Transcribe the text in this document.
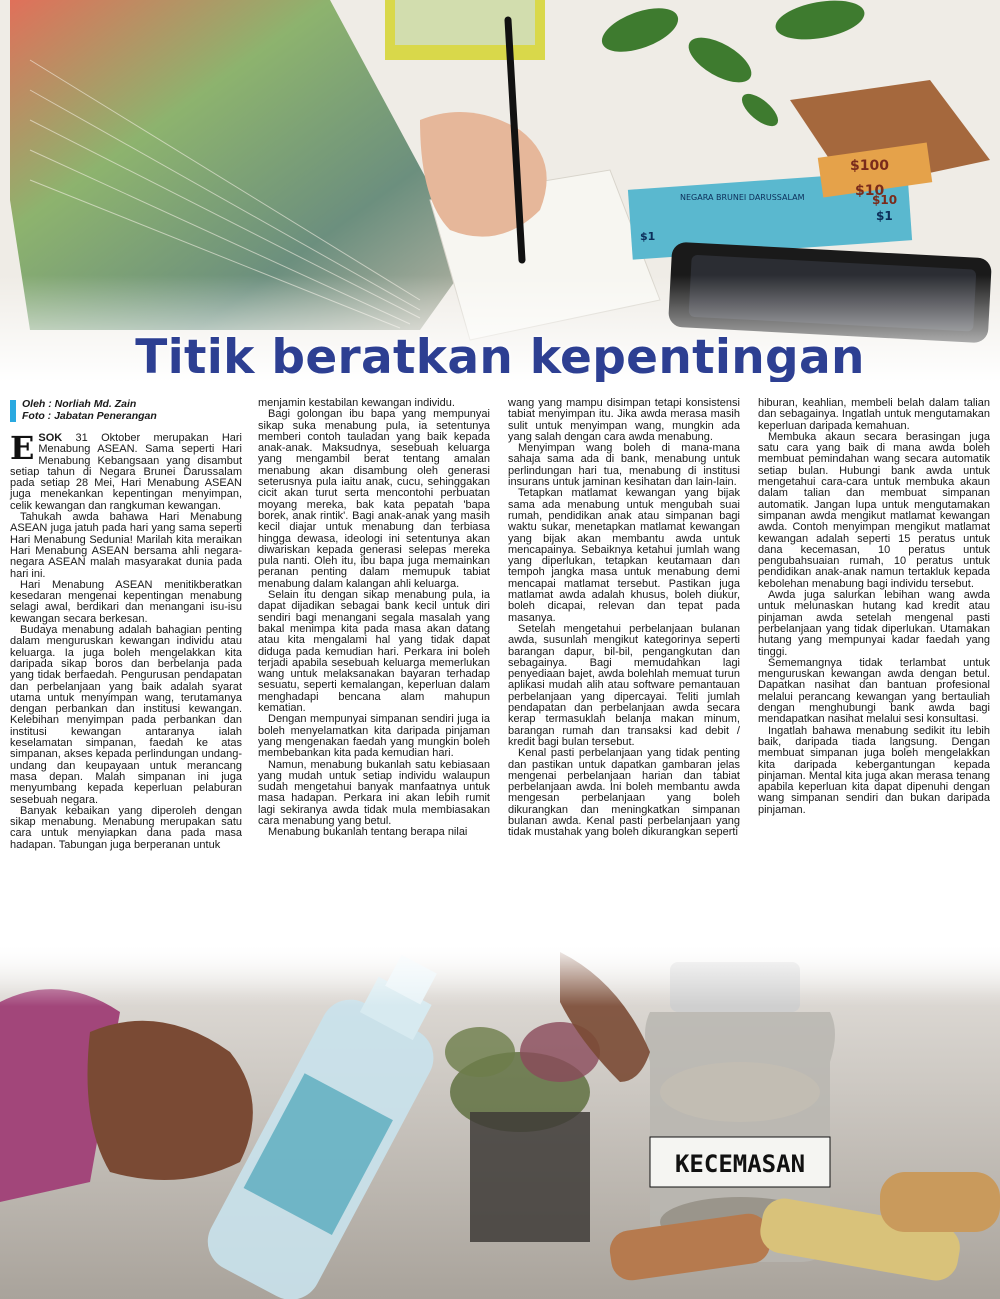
Titik beratkan kepentingan

Oleh : Norliah Md. Zain

Foto : Jabatan Penerangan

ESOK 31 Oktober merupakan Hari Menabung ASEAN. Sama seperti Hari Menabung Kebangsaan yang disambut setiap tahun di Negara Brunei Darussalam pada setiap 28 Mei, Hari Menabung ASEAN juga menekankan kepentingan menyimpan, celik kewangan dan rangkuman kewangan.

Tahukah awda bahawa Hari Menabung ASEAN juga jatuh pada hari yang sama seperti Hari Menabung Sedunia! Marilah kita meraikan Hari Menabung ASEAN bersama ahli negara-negara ASEAN malah masyarakat dunia pada hari ini.

Hari Menabung ASEAN menitikberatkan kesedaran mengenai kepentingan menabung selagi awal, berdikari dan menangani isu-isu kewangan secara berkesan.

Budaya menabung adalah bahagian penting dalam menguruskan kewangan individu atau keluarga. Ia juga boleh mengelakkan kita daripada sikap boros dan berbelanja pada yang tidak berfaedah. Pengurusan pendapatan dan perbelanjaan yang baik adalah syarat utama untuk menyimpan wang, terutamanya dengan perbankan dan institusi kewangan. Kelebihan menyimpan pada perbankan dan institusi kewangan antaranya ialah keselamatan simpanan, faedah ke atas simpanan, akses kepada perlindungan undang-undang dan keupayaan untuk merancang masa depan. Malah simpanan ini juga menyumbang kepada keperluan pelaburan sesebuah negara.

Banyak kebaikan yang diperoleh dengan sikap menabung. Menabung merupakan satu cara untuk menyiapkan dana pada masa hadapan. Tabungan juga berperanan untuk

menjamin kestabilan kewangan individu.

Bagi golongan ibu bapa yang mempunyai sikap suka menabung pula, ia setentunya memberi contoh tauladan yang baik kepada anak-anak. Maksudnya, sesebuah keluarga yang mengambil berat tentang amalan menabung akan disambung oleh generasi seterusnya pula iaitu anak, cucu, sehinggakan cicit akan turut serta mencontohi perbuatan moyang mereka, bak kata pepatah 'bapa borek, anak rintik'. Bagi anak-anak yang masih kecil diajar untuk menabung dan terbiasa hingga dewasa, ideologi ini setentunya akan diwariskan kepada generasi selepas mereka pula nanti. Oleh itu, ibu bapa juga memainkan peranan penting dalam memupuk tabiat menabung dalam kalangan ahli keluarga.

Selain itu dengan sikap menabung pula, ia dapat dijadikan sebagai bank kecil untuk diri sendiri bagi menangani segala masalah yang bakal menimpa kita pada masa akan datang atau kita mengalami hal yang tidak dapat diduga pada kemudian hari. Perkara ini boleh terjadi apabila sesebuah keluarga memerlukan wang untuk melaksanakan bayaran terhadap sesuatu, seperti kemalangan, keperluan dalam menghadapi bencana alam mahupun kematian.

Dengan mempunyai simpanan sendiri juga ia boleh menyelamatkan kita daripada pinjaman yang mengenakan faedah yang mungkin boleh membebankan kita pada kemudian hari.

Namun, menabung bukanlah satu kebiasaan yang mudah untuk setiap individu walaupun sudah mengetahui banyak manfaatnya untuk masa hadapan. Perkara ini akan lebih rumit lagi sekiranya awda tidak mula membiasakan cara menabung yang betul.

Menabung bukanlah tentang berapa nilai

wang yang mampu disimpan tetapi konsistensi tabiat menyimpan itu. Jika awda merasa masih sulit untuk menyimpan wang, mungkin ada yang salah dengan cara awda menabung.

Menyimpan wang boleh di mana-mana sahaja sama ada di bank, menabung untuk perlindungan hari tua, menabung di institusi insurans untuk jaminan kesihatan dan lain-lain.

Tetapkan matlamat kewangan yang bijak sama ada menabung untuk mengubah suai rumah, pendidikan anak atau simpanan bagi waktu sukar, menetapkan matlamat kewangan yang bijak akan membantu awda untuk mencapainya. Sebaiknya ketahui jumlah wang yang diperlukan, tetapkan keutamaan dan tempoh jangka masa untuk menabung demi mencapai matlamat tersebut. Pastikan juga matlamat awda adalah khusus, boleh diukur, boleh dicapai, relevan dan tepat pada masanya.

Setelah mengetahui perbelanjaan bulanan awda, susunlah mengikut kategorinya seperti barangan dapur, bil-bil, pengangkutan dan sebagainya. Bagi memudahkan lagi penyediaan bajet, awda bolehlah memuat turun aplikasi mudah alih atau software pemantauan perbelanjaan yang dipercayai. Teliti jumlah pendapatan dan perbelanjaan awda secara kerap termasuklah belanja makan minum, barangan rumah dan transaksi kad debit / kredit bagi bulan tersebut.

Kenal pasti perbelanjaan yang tidak penting dan pastikan untuk dapatkan gambaran jelas mengenai perbelanjaan harian dan tabiat perbelanjaan awda. Ini boleh membantu awda mengesan perbelanjaan yang boleh dikurangkan dan meningkatkan simpanan bulanan awda. Kenal pasti perbelanjaan yang tidak mustahak yang boleh dikurangkan seperti

hiburan, keahlian, membeli belah dalam talian dan sebagainya. Ingatlah untuk mengutamakan keperluan daripada kemahuan.

Membuka akaun secara berasingan juga satu cara yang baik di mana awda boleh membuat pemindahan wang secara automatik setiap bulan. Hubungi bank awda untuk mengetahui cara-cara untuk membuka akaun dalam talian dan membuat simpanan automatik. Jangan lupa untuk mengutamakan simpanan awda mengikut matlamat kewangan awda. Contoh menyimpan mengikut matlamat kewangan adalah seperti 15 peratus untuk dana kecemasan, 10 peratus untuk pengubahsuaian rumah, 10 peratus untuk pendidikan anak-anak namun tertakluk kepada kebolehan menabung bagi individu tersebut.

Awda juga salurkan lebihan wang awda untuk melunaskan hutang kad kredit atau pinjaman awda setelah mengenal pasti perbelanjaan yang tidak diperlukan. Utamakan hutang yang mempunyai kadar faedah yang tinggi.

Sememangnya tidak terlambat untuk menguruskan kewangan awda dengan betul. Dapatkan nasihat dan bantuan profesional melalui perancang kewangan yang bertauliah dengan menghubungi bank awda bagi mendapatkan nasihat melalui sesi konsultasi.

Ingatlah bahawa menabung sedikit itu lebih baik, daripada tiada langsung. Dengan membuat simpanan juga boleh mengelakkan kita daripada kebergantungan kepada pinjaman. Mental kita juga akan merasa tenang apabila keperluan kita dapat dipenuhi dengan wang simpanan sendiri dan bukan daripada pinjaman.
